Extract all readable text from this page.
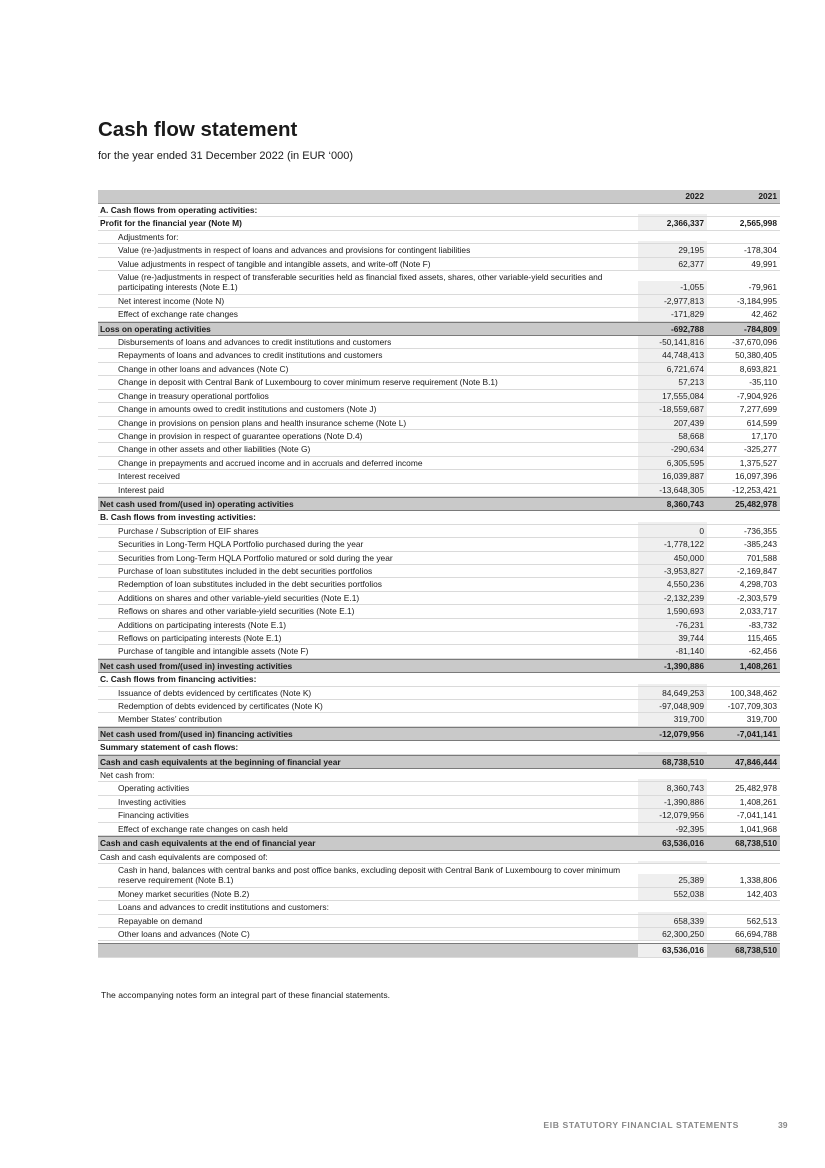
Cash flow statement
for the year ended 31 December 2022 (in EUR ‘000)
2022	2021
A. Cash flows from operating activities:
Profit for the financial year (Note M)	2,366,337	2,565,998
Adjustments for:
Value (re-)adjustments in respect of loans and advances and provisions for contingent liabilities	29,195	-178,304
Value adjustments in respect of tangible and intangible assets, and write-off (Note F)	62,377	49,991
Value (re-)adjustments in respect of transferable securities held as financial fixed assets, shares, other variable-yield securities and participating interests (Note E.1)	-1,055	-79,961
Net interest income (Note N)	-2,977,813	-3,184,995
Effect of exchange rate changes	-171,829	42,462
Loss on operating activities	-692,788	-784,809
Disbursements of loans and advances to credit institutions and customers	-50,141,816	-37,670,096
Repayments of loans and advances to credit institutions and customers	44,748,413	50,380,405
Change in other loans and advances (Note C)	6,721,674	8,693,821
Change in deposit with Central Bank of Luxembourg to cover minimum reserve requirement (Note B.1)	57,213	-35,110
Change in treasury operational portfolios	17,555,084	-7,904,926
Change in amounts owed to credit institutions and customers (Note J)	-18,559,687	7,277,699
Change in provisions on pension plans and health insurance scheme (Note L)	207,439	614,599
Change in provision in respect of guarantee operations (Note D.4)	58,668	17,170
Change in other assets and other liabilities (Note G)	-290,634	-325,277
Change in prepayments and accrued income and in accruals and deferred income	6,305,595	1,375,527
Interest received	16,039,887	16,097,396
Interest paid	-13,648,305	-12,253,421
Net cash used from/(used in) operating activities	8,360,743	25,482,978
B. Cash flows from investing activities:
Purchase / Subscription of EIF shares	0	-736,355
Securities in Long-Term HQLA Portfolio purchased during the year	-1,778,122	-385,243
Securities from Long-Term HQLA Portfolio matured or sold during the year	450,000	701,588
Purchase of loan substitutes included in the debt securities portfolios	-3,953,827	-2,169,847
Redemption of loan substitutes included in the debt securities portfolios	4,550,236	4,298,703
Additions on shares and other variable-yield securities (Note E.1)	-2,132,239	-2,303,579
Reflows on shares and other variable-yield securities (Note E.1)	1,590,693	2,033,717
Additions on participating interests (Note E.1)	-76,231	-83,732
Reflows on participating interests (Note E.1)	39,744	115,465
Purchase of tangible and intangible assets (Note F)	-81,140	-62,456
Net cash used from/(used in) investing activities	-1,390,886	1,408,261
C. Cash flows from financing activities:
Issuance of debts evidenced by certificates (Note K)	84,649,253	100,348,462
Redemption of debts evidenced by certificates (Note K)	-97,048,909	-107,709,303
Member States’ contribution	319,700	319,700
Net cash used from/(used in) financing activities	-12,079,956	-7,041,141
Summary statement of cash flows:
Cash and cash equivalents at the beginning of financial year	68,738,510	47,846,444
Net cash from:
Operating activities	8,360,743	25,482,978
Investing activities	-1,390,886	1,408,261
Financing activities	-12,079,956	-7,041,141
Effect of exchange rate changes on cash held	-92,395	1,041,968
Cash and cash equivalents at the end of financial year	63,536,016	68,738,510
Cash and cash equivalents are composed of:
Cash in hand, balances with central banks and post office banks, excluding deposit with Central Bank of Luxembourg to cover minimum reserve requirement (Note B.1)	25,389	1,338,806
Money market securities (Note B.2)	552,038	142,403
Loans and advances to credit institutions and customers:
Repayable on demand	658,339	562,513
Other loans and advances (Note C)	62,300,250	66,694,788
63,536,016	68,738,510
The accompanying notes form an integral part of these financial statements.
EIB STATUTORY FINANCIAL STATEMENTS	39
